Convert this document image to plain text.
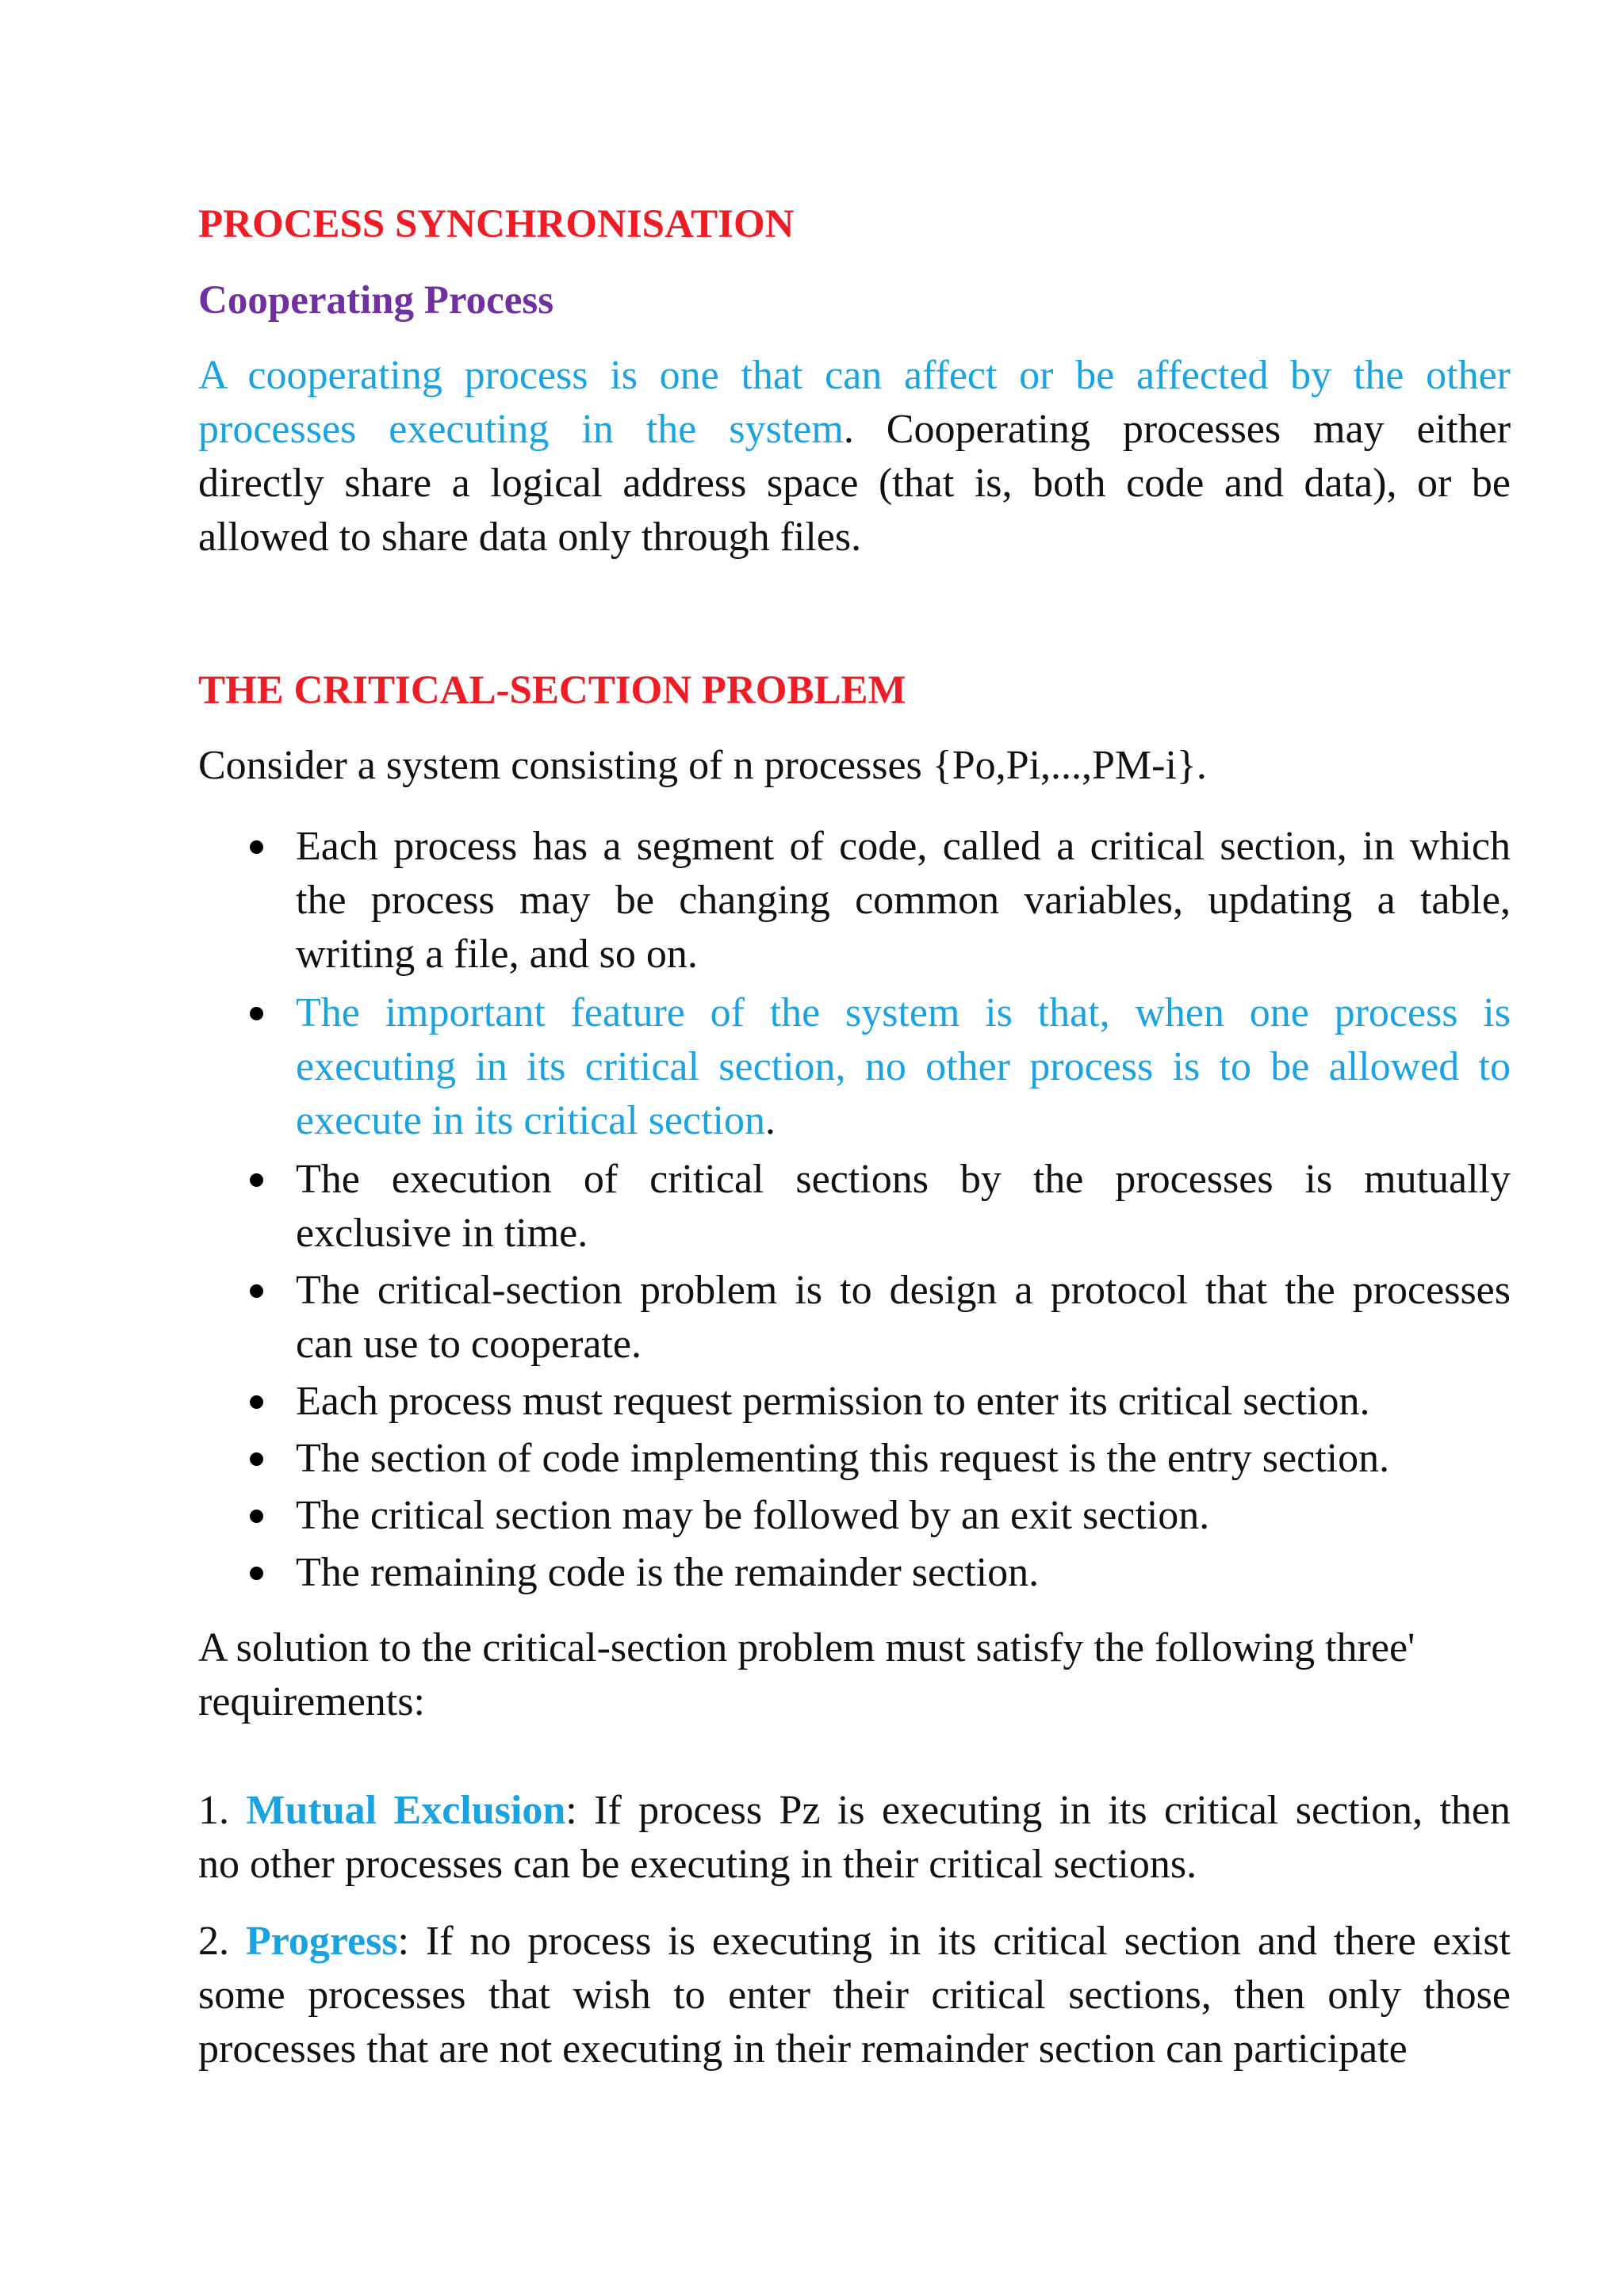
PROCESS SYNCHRONISATION
Cooperating Process
A cooperating process is one that can affect or be affected by the other
processes executing in the system. Cooperating processes may either
directly share a logical address space (that is, both code and data), or be
allowed to share data only through files.
THE CRITICAL-SECTION PROBLEM
Consider a system consisting of n processes {Po,Pi,...,PM-i}.
Each process has a segment of code, called a critical section, in which
the process may be changing common variables, updating a table,
writing a file, and so on.
The important feature of the system is that, when one process is
executing in its critical section, no other process is to be allowed to
execute in its critical section.
The execution of critical sections by the processes is mutually
exclusive in time.
The critical-section problem is to design a protocol that the processes
can use to cooperate.
Each process must request permission to enter its critical section.
The section of code implementing this request is the entry section.
The critical section may be followed by an exit section.
The remaining code is the remainder section.
A solution to the critical-section problem must satisfy the following three'
requirements:
1. Mutual Exclusion: If process Pz is executing in its critical section, then
no other processes can be executing in their critical sections.
2. Progress: If no process is executing in its critical section and there exist
some processes that wish to enter their critical sections, then only those
processes that are not executing in their remainder section can participate
